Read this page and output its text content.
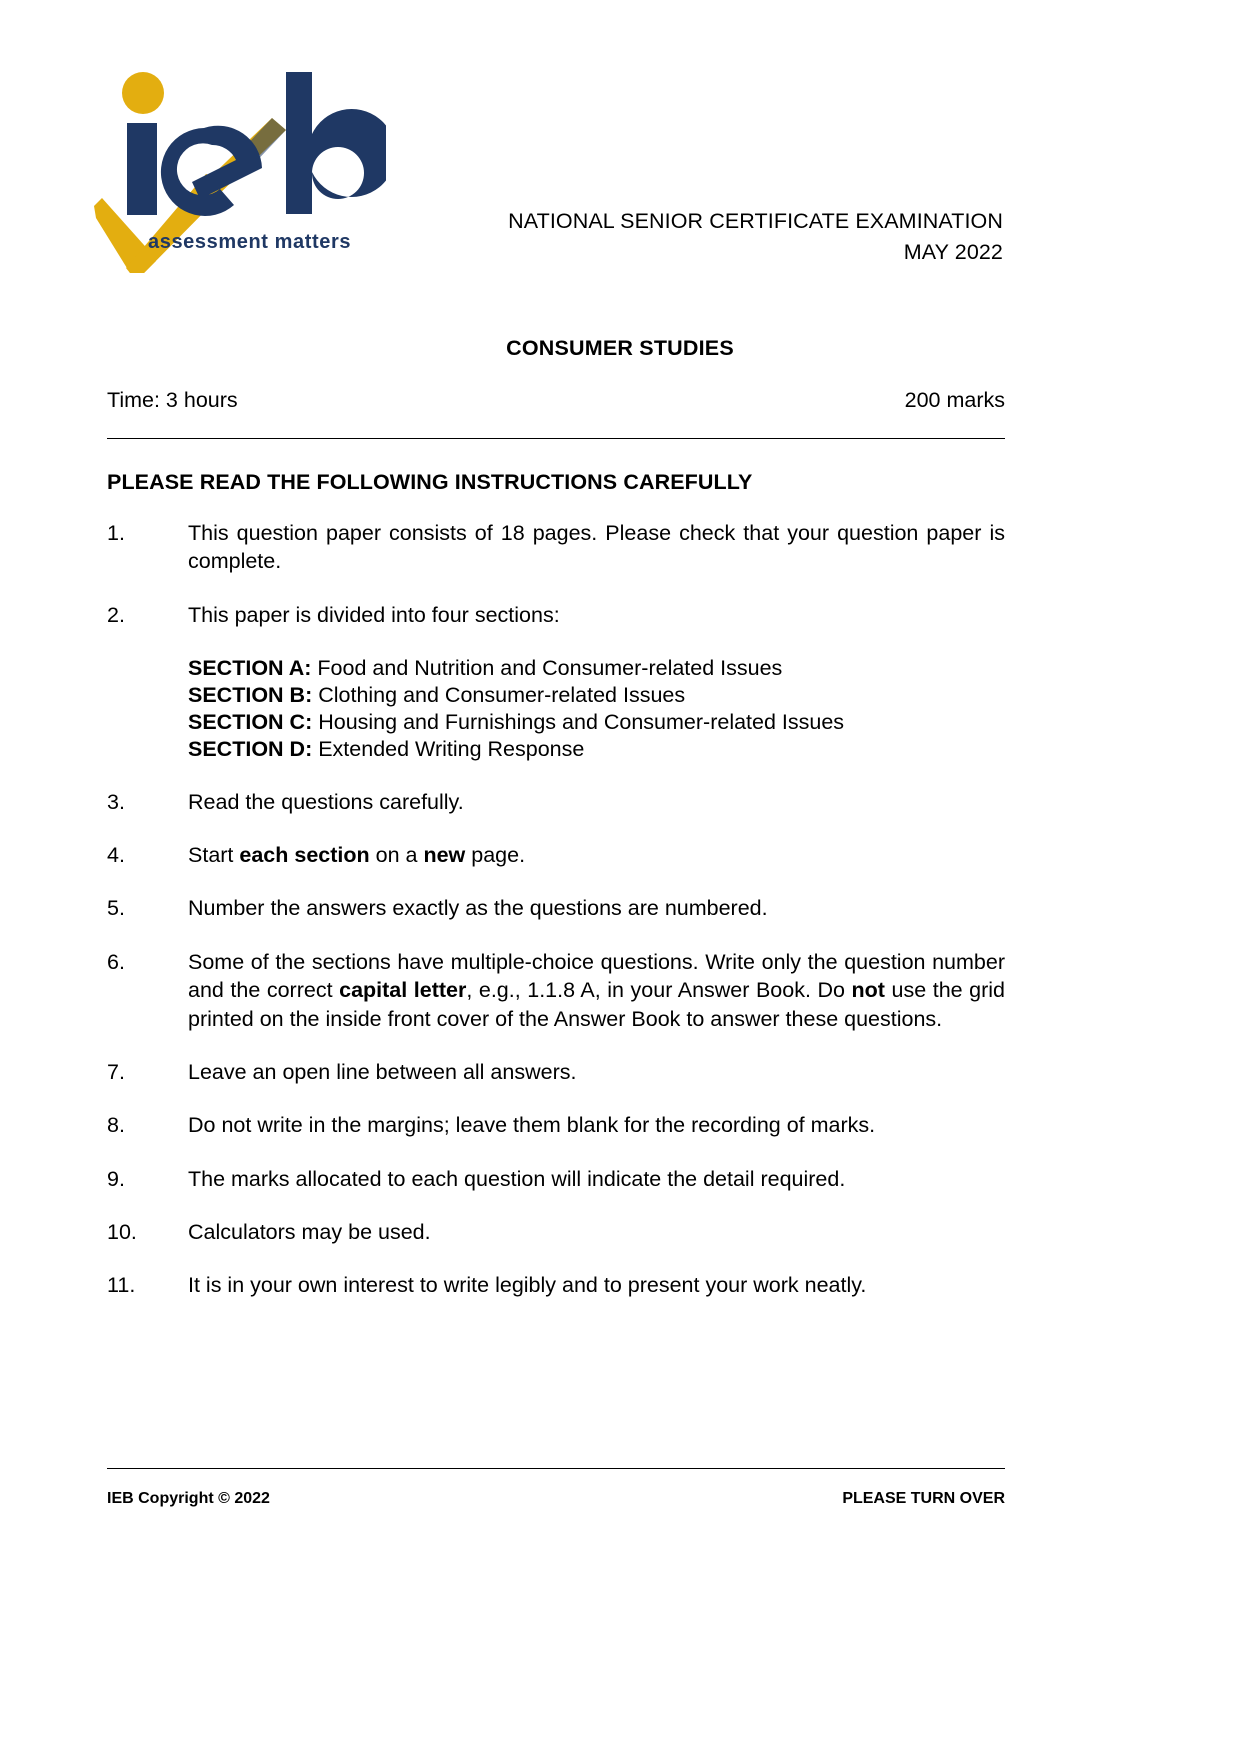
assessment matters
NATIONAL SENIOR CERTIFICATE EXAMINATION
MAY 2022
CONSUMER STUDIES
Time: 3 hours	200 marks
PLEASE READ THE FOLLOWING INSTRUCTIONS CAREFULLY
1.	This question paper consists of 18 pages. Please check that your question paper is complete.
2.	This paper is divided into four sections:
SECTION A: Food and Nutrition and Consumer-related Issues
SECTION B: Clothing and Consumer-related Issues
SECTION C: Housing and Furnishings and Consumer-related Issues
SECTION D: Extended Writing Response
3.	Read the questions carefully.
4.	Start each section on a new page.
5.	Number the answers exactly as the questions are numbered.
6.	Some of the sections have multiple-choice questions. Write only the question number and the correct capital letter, e.g., 1.1.8 A, in your Answer Book. Do not use the grid printed on the inside front cover of the Answer Book to answer these questions.
7.	Leave an open line between all answers.
8.	Do not write in the margins; leave them blank for the recording of marks.
9.	The marks allocated to each question will indicate the detail required.
10.	Calculators may be used.
11.	It is in your own interest to write legibly and to present your work neatly.
IEB Copyright © 2022	PLEASE TURN OVER
